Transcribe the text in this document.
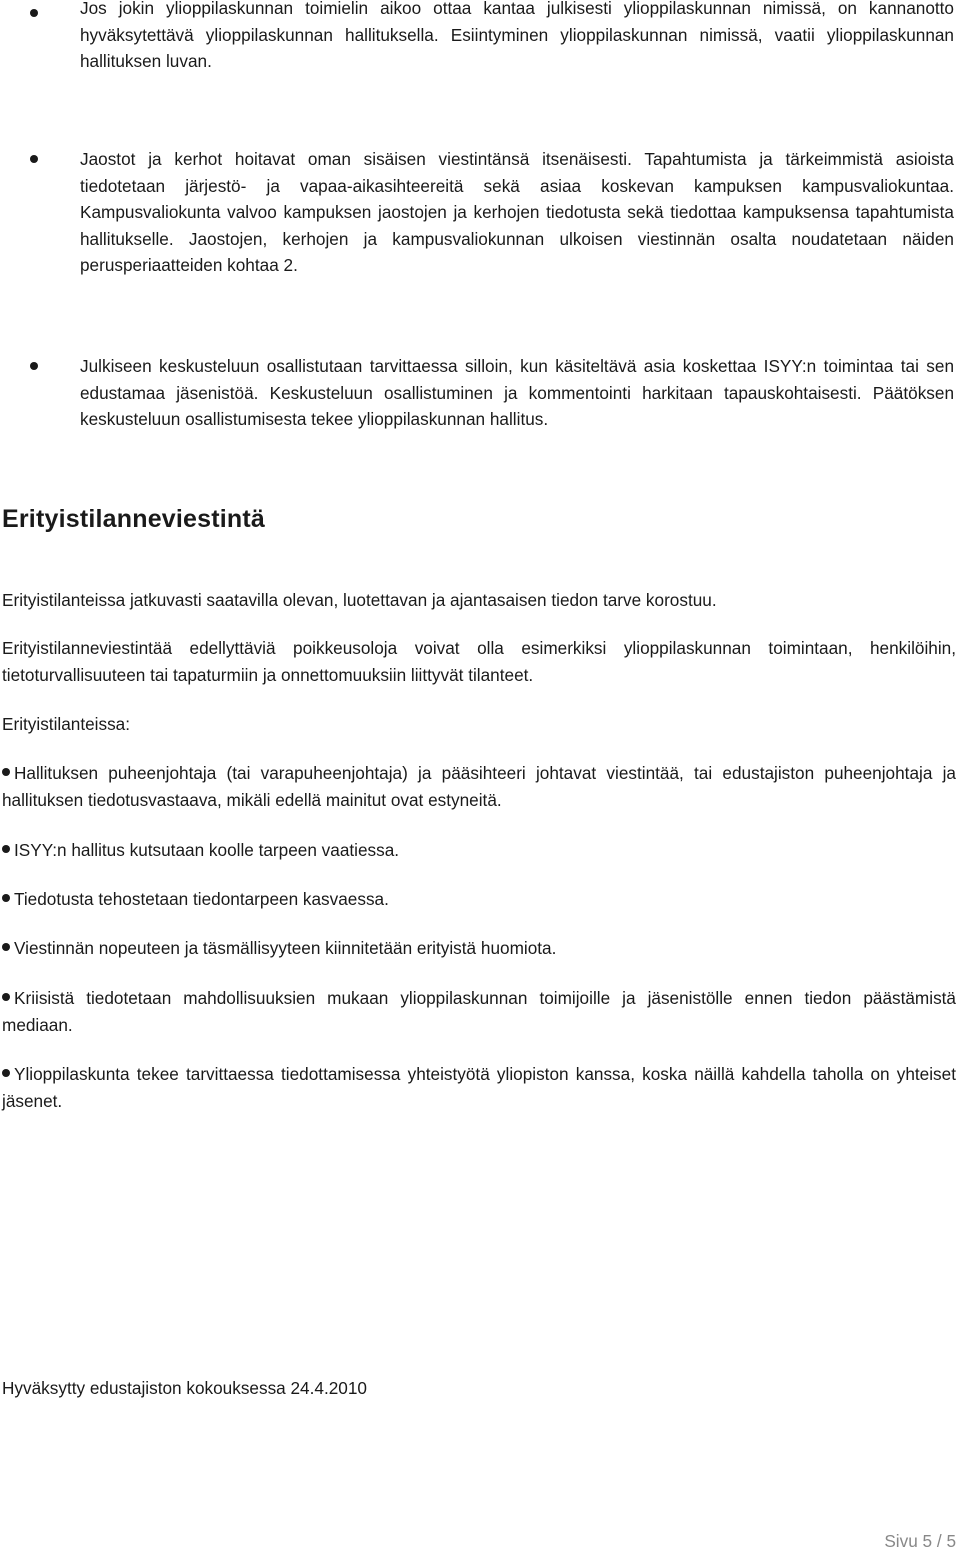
Jos jokin ylioppilaskunnan toimielin aikoo ottaa kantaa julkisesti ylioppilaskunnan nimissä, on kannanotto hyväksytettävä ylioppilaskunnan hallituksella. Esiintyminen ylioppilaskunnan nimissä, vaatii ylioppilaskunnan hallituksen luvan.
Jaostot ja kerhot hoitavat oman sisäisen viestintänsä itsenäisesti. Tapahtumista ja tärkeimmistä asioista tiedotetaan järjestö- ja vapaa-aikasihteereitä sekä asiaa koskevan kampuksen kampusvaliokuntaa. Kampusvaliokunta valvoo kampuksen jaostojen ja kerhojen tiedotusta sekä tiedottaa kampuksensa tapahtumista hallitukselle. Jaostojen, kerhojen ja kampusvaliokunnan ulkoisen viestinnän osalta noudatetaan näiden perusperiaatteiden kohtaa 2.
Julkiseen keskusteluun osallistutaan tarvittaessa silloin, kun käsiteltävä asia koskettaa ISYY:n toimintaa tai sen edustamaa jäsenistöä. Keskusteluun osallistuminen ja kommentointi harkitaan tapauskohtaisesti. Päätöksen keskusteluun osallistumisesta tekee ylioppilaskunnan hallitus.
Erityistilanneviestintä
Erityistilanteissa jatkuvasti saatavilla olevan, luotettavan ja ajantasaisen tiedon tarve korostuu.
Erityistilanneviestintää edellyttäviä poikkeusoloja voivat olla esimerkiksi ylioppilaskunnan toimintaan, henkilöihin, tietoturvallisuuteen tai tapaturmiin ja onnettomuuksiin liittyvät tilanteet.
Erityistilanteissa:
Hallituksen puheenjohtaja (tai varapuheenjohtaja) ja pääsihteeri johtavat viestintää, tai edustajiston puheenjohtaja ja hallituksen tiedotusvastaava, mikäli edellä mainitut ovat estyneitä.
ISYY:n hallitus kutsutaan koolle tarpeen vaatiessa.
Tiedotusta tehostetaan tiedontarpeen kasvaessa.
Viestinnän nopeuteen ja täsmällisyyteen kiinnitetään erityistä huomiota.
Kriisistä tiedotetaan mahdollisuuksien mukaan ylioppilaskunnan toimijoille ja jäsenistölle ennen tiedon päästämistä mediaan.
Ylioppilaskunta tekee tarvittaessa tiedottamisessa yhteistyötä yliopiston kanssa, koska näillä kahdella taholla on yhteiset jäsenet.
Hyväksytty edustajiston kokouksessa 24.4.2010
Sivu 5 / 5
